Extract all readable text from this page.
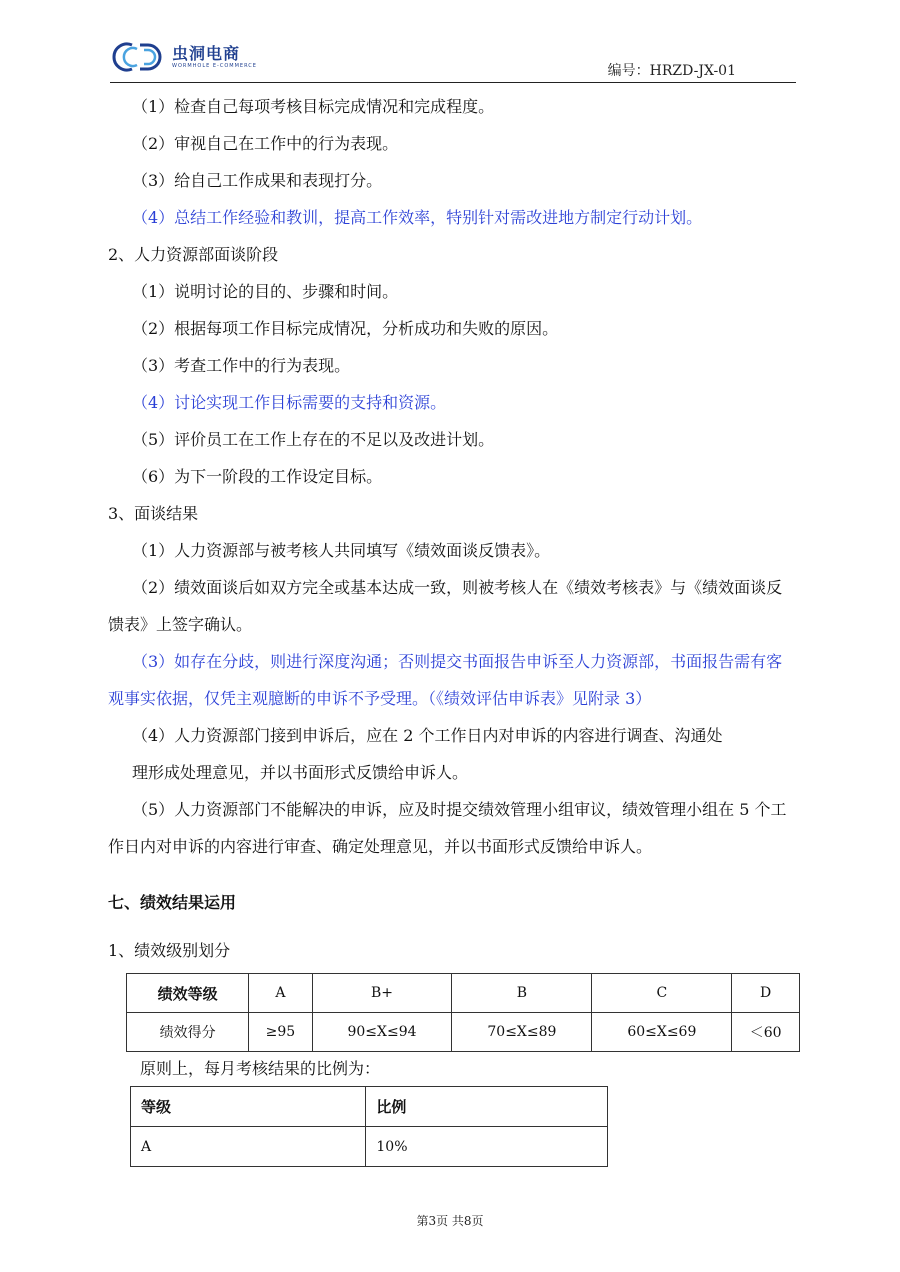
虫洞电商
WORMHOLE E-COMMERCE	编号：HRZD-JX-01

（1）检查自己每项考核目标完成情况和完成程度。

（2）审视自己在工作中的行为表现。

（3）给自己工作成果和表现打分。

（4）总结工作经验和教训，提高工作效率，特别针对需改进地方制定行动计划。

2、人力资源部面谈阶段

（1）说明讨论的目的、步骤和时间。

（2）根据每项工作目标完成情况，分析成功和失败的原因。

（3）考查工作中的行为表现。

（4）讨论实现工作目标需要的支持和资源。

（5）评价员工在工作上存在的不足以及改进计划。

（6）为下一阶段的工作设定目标。

3、面谈结果

（1）人力资源部与被考核人共同填写《绩效面谈反馈表》。

（2）绩效面谈后如双方完全或基本达成一致，则被考核人在《绩效考核表》与《绩效面谈反馈表》上签字确认。

（3）如存在分歧，则进行深度沟通；否则提交书面报告申诉至人力资源部，书面报告需有客观事实依据，仅凭主观臆断的申诉不予受理。（《绩效评估申诉表》见附录 3）

（4）人力资源部门接到申诉后，应在 2 个工作日内对申诉的内容进行调查、沟通处

理形成处理意见，并以书面形式反馈给申诉人。

（5）人力资源部门不能解决的申诉，应及时提交绩效管理小组审议，绩效管理小组在 5 个工作日内对申诉的内容进行审查、确定处理意见，并以书面形式反馈给申诉人。

七、绩效结果运用
1、绩效级别划分
绩效等级	A	B+	B	C	D
绩效得分	≥95	90≤X≤94	70≤X≤89	60≤X≤69	＜60
原则上，每月考核结果的比例为：
等级	比例
A	10%
第3页 共8页
